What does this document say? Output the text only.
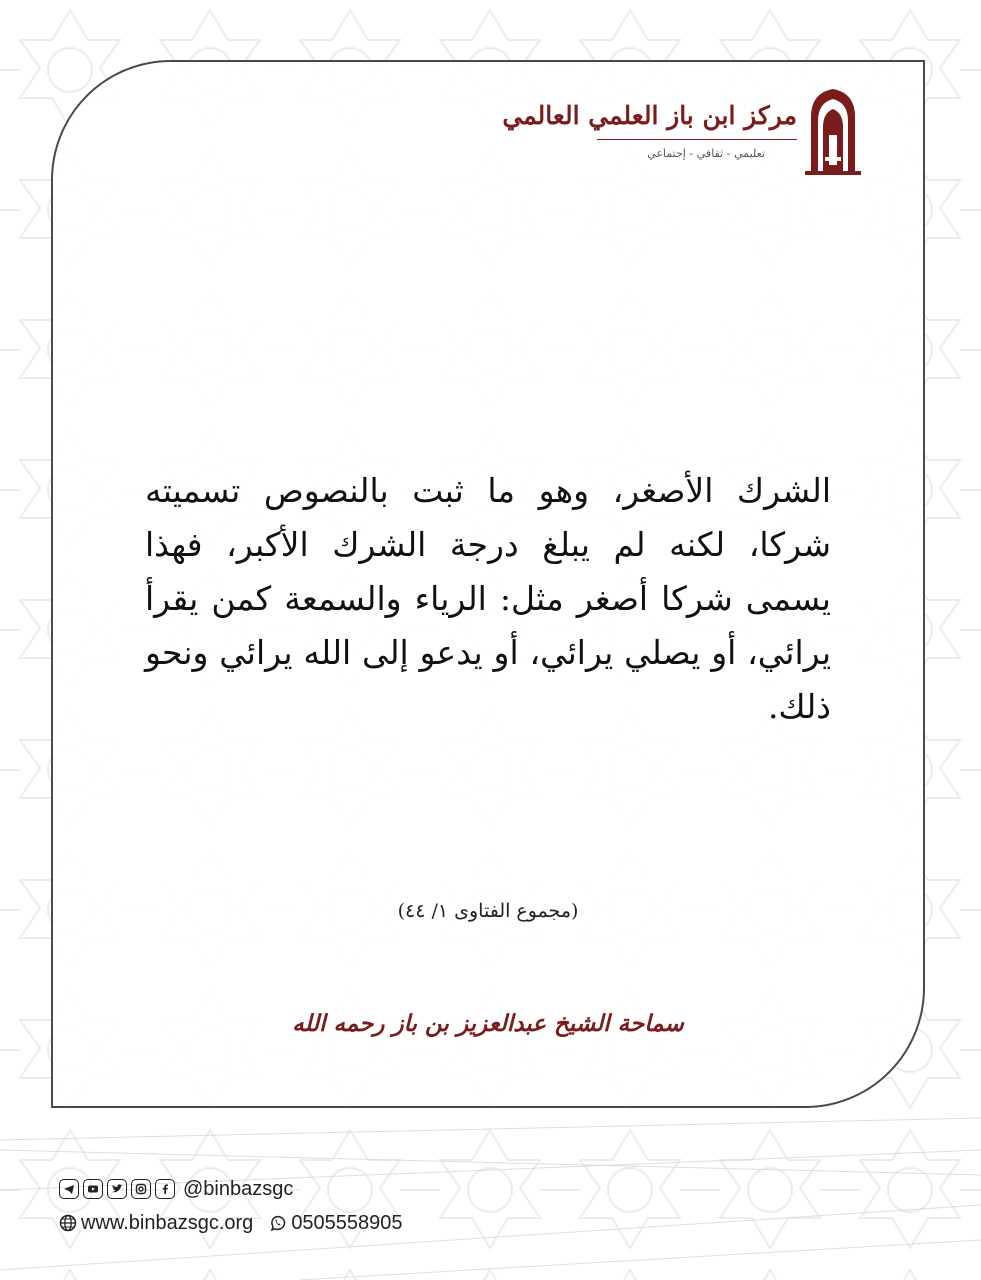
مركز ابن باز العلمي العالمي
تعليمي - ثقافي - إجتماعي
الشرك الأصغر، وهو ما ثبت بالنصوص تسميته شركا، لكنه لم يبلغ درجة الشرك الأكبر، فهذا يسمى شركا أصغر مثل: الرياء والسمعة كمن يقرأ يرائي، أو يصلي يرائي، أو يدعو إلى الله يرائي ونحو ذلك.
(مجموع الفتاوى ١/ ٤٤)
سماحة الشيخ عبدالعزيز بن باز رحمه الله
@binbazsgc
www.binbazsgc.org 0505558905
